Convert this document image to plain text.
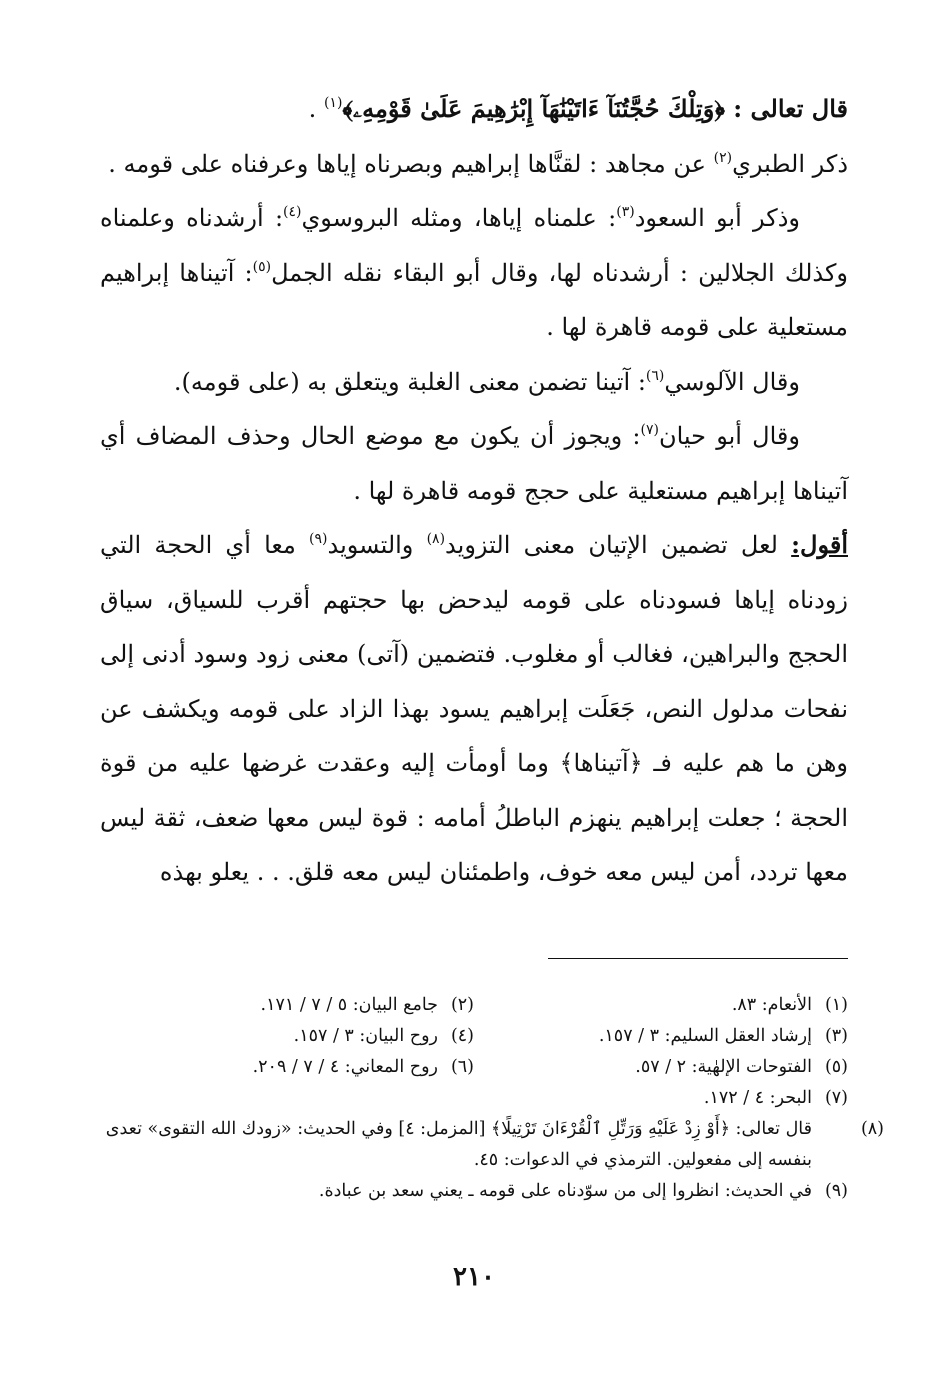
قال تعالى : ﴿وَتِلْكَ حُجَّتُنَآ ءَاتَيْنَٰهَآ إِبْرَٰهِيمَ عَلَىٰ قَوْمِهِۦ﴾$^{(١)}$ .

ذكر الطبري$^{(٢)}$ عن مجاهد : لقنَّاها إبراهيم وبصرناه إياها وعرفناه على قومه .

وذكر أبو السعود$^{(٣)}$: علمناه إياها، ومثله البروسوي$^{(٤)}$: أرشدناه وعلمناه وكذلك الجلالين : أرشدناه لها، وقال أبو البقاء نقله الجمل$^{(٥)}$: آتيناها إبراهيم مستعلية على قومه قاهرة لها .

وقال الآلوسي$^{(٦)}$: آتينا تضمن معنى الغلبة ويتعلق به (على قومه).

وقال أبو حيان$^{(٧)}$: ويجوز أن يكون مع موضع الحال وحذف المضاف أي آتيناها إبراهيم مستعلية على حجج قومه قاهرة لها .

أقول: لعل تضمين الإتيان معنى التزويد$^{(٨)}$ والتسويد$^{(٩)}$ معا أي الحجة التي زودناه إياها فسودناه على قومه ليدحض بها حجتهم أقرب للسياق، سياق الحجج والبراهين، فغالب أو مغلوب. فتضمين (آتى) معنى زود وسود أدنى إلى نفحات مدلول النص، جَعَلَت إبراهيم يسود بهذا الزاد على قومه ويكشف عن وهن ما هم عليه فـ ﴿آتيناها﴾ وما أومأت إليه وعقدت غرضها عليه من قوة الحجة ؛ جعلت إبراهيم ينهزم الباطلُ أمامه : قوة ليس معها ضعف، ثقة ليس معها تردد، أمن ليس معه خوف، واطمئنان ليس معه قلق. . . يعلو بهذه

(١)الأنعام: ٨٣.
(٢)جامع البيان: ٥ / ٧ / ١٧١.
(٣)إرشاد العقل السليم: ٣ / ١٥٧.
(٤)روح البيان: ٣ / ١٥٧.
(٥)الفتوحات الإلهٰية: ٢ / ٥٧.
(٦)روح المعاني: ٤ / ٧ / ٢٠٩.
(٧)البحر: ٤ / ١٧٢.
(٨)قال تعالى: ﴿أَوْ زِدْ عَلَيْهِ وَرَتِّلِ ٱلْقُرْءَانَ تَرْتِيلًا﴾ [المزمل: ٤] وفي الحديث: «زودك الله التقوى» تعدى بنفسه إلى مفعولين. الترمذي في الدعوات: ٤٥.
(٩)في الحديث: انظروا إلى من سوّدناه على قومه ـ يعني سعد بن عبادة.
٢١٠
